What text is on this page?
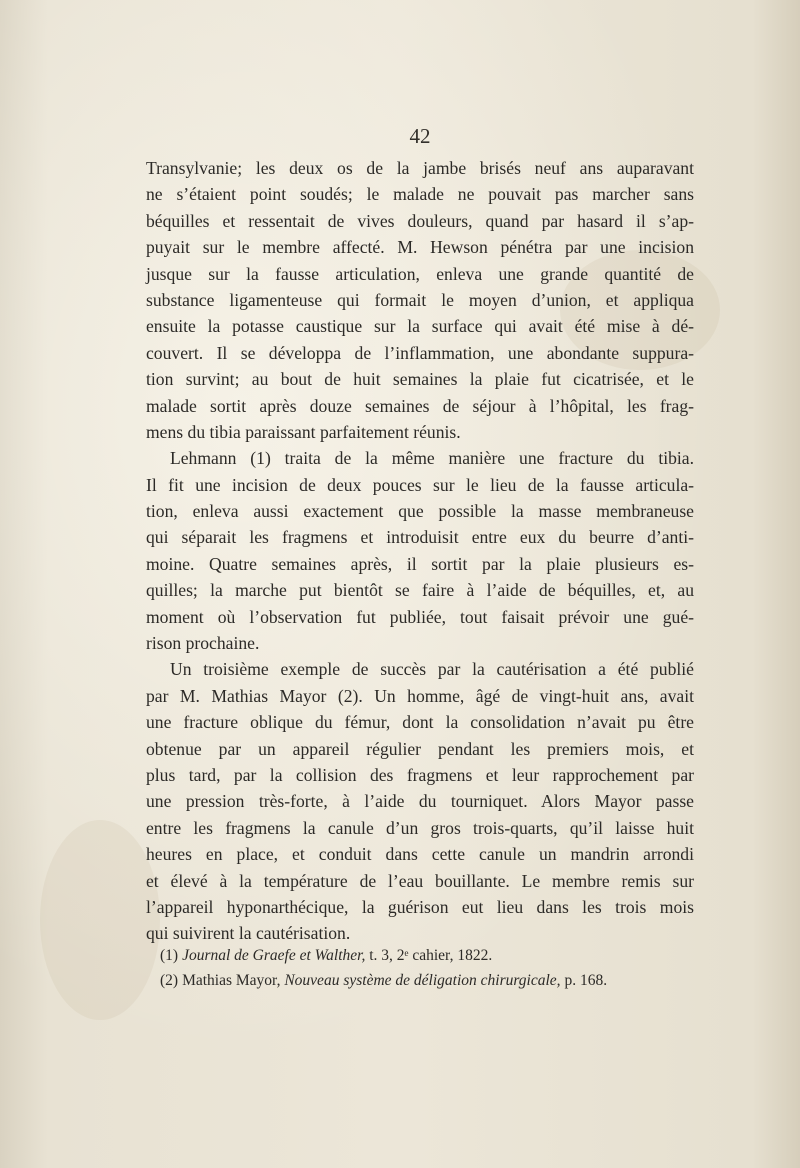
42
Transylvanie; les deux os de la jambe brisés neuf ans auparavant
ne s’étaient point soudés; le malade ne pouvait pas marcher sans
béquilles et ressentait de vives douleurs, quand par hasard il s’ap-
puyait sur le membre affecté. M. Hewson pénétra par une incision
jusque sur la fausse articulation, enleva une grande quantité de
substance ligamenteuse qui formait le moyen d’union, et appliqua
ensuite la potasse caustique sur la surface qui avait été mise à dé-
couvert. Il se développa de l’inflammation, une abondante suppura-
tion survint; au bout de huit semaines la plaie fut cicatrisée, et le
malade sortit après douze semaines de séjour à l’hôpital, les frag-
mens du tibia paraissant parfaitement réunis.
Lehmann (1) traita de la même manière une fracture du tibia.
Il fit une incision de deux pouces sur le lieu de la fausse articula-
tion, enleva aussi exactement que possible la masse membraneuse
qui séparait les fragmens et introduisit entre eux du beurre d’anti-
moine. Quatre semaines après, il sortit par la plaie plusieurs es-
quilles; la marche put bientôt se faire à l’aide de béquilles, et, au
moment où l’observation fut publiée, tout faisait prévoir une gué-
rison prochaine.
Un troisième exemple de succès par la cautérisation a été publié
par M. Mathias Mayor (2). Un homme, âgé de vingt-huit ans, avait
une fracture oblique du fémur, dont la consolidation n’avait pu être
obtenue par un appareil régulier pendant les premiers mois, et
plus tard, par la collision des fragmens et leur rapprochement par
une pression très-forte, à l’aide du tourniquet. Alors Mayor passe
entre les fragmens la canule d’un gros trois-quarts, qu’il laisse huit
heures en place, et conduit dans cette canule un mandrin arrondi
et élevé à la température de l’eau bouillante. Le membre remis sur
l’appareil hyponarthécique, la guérison eut lieu dans les trois mois
qui suivirent la cautérisation.
(1) Journal de Graefe et Walther, t. 3, 2ᵉ cahier, 1822.
(2) Mathias Mayor, Nouveau système de déligation chirurgicale, p. 168.
